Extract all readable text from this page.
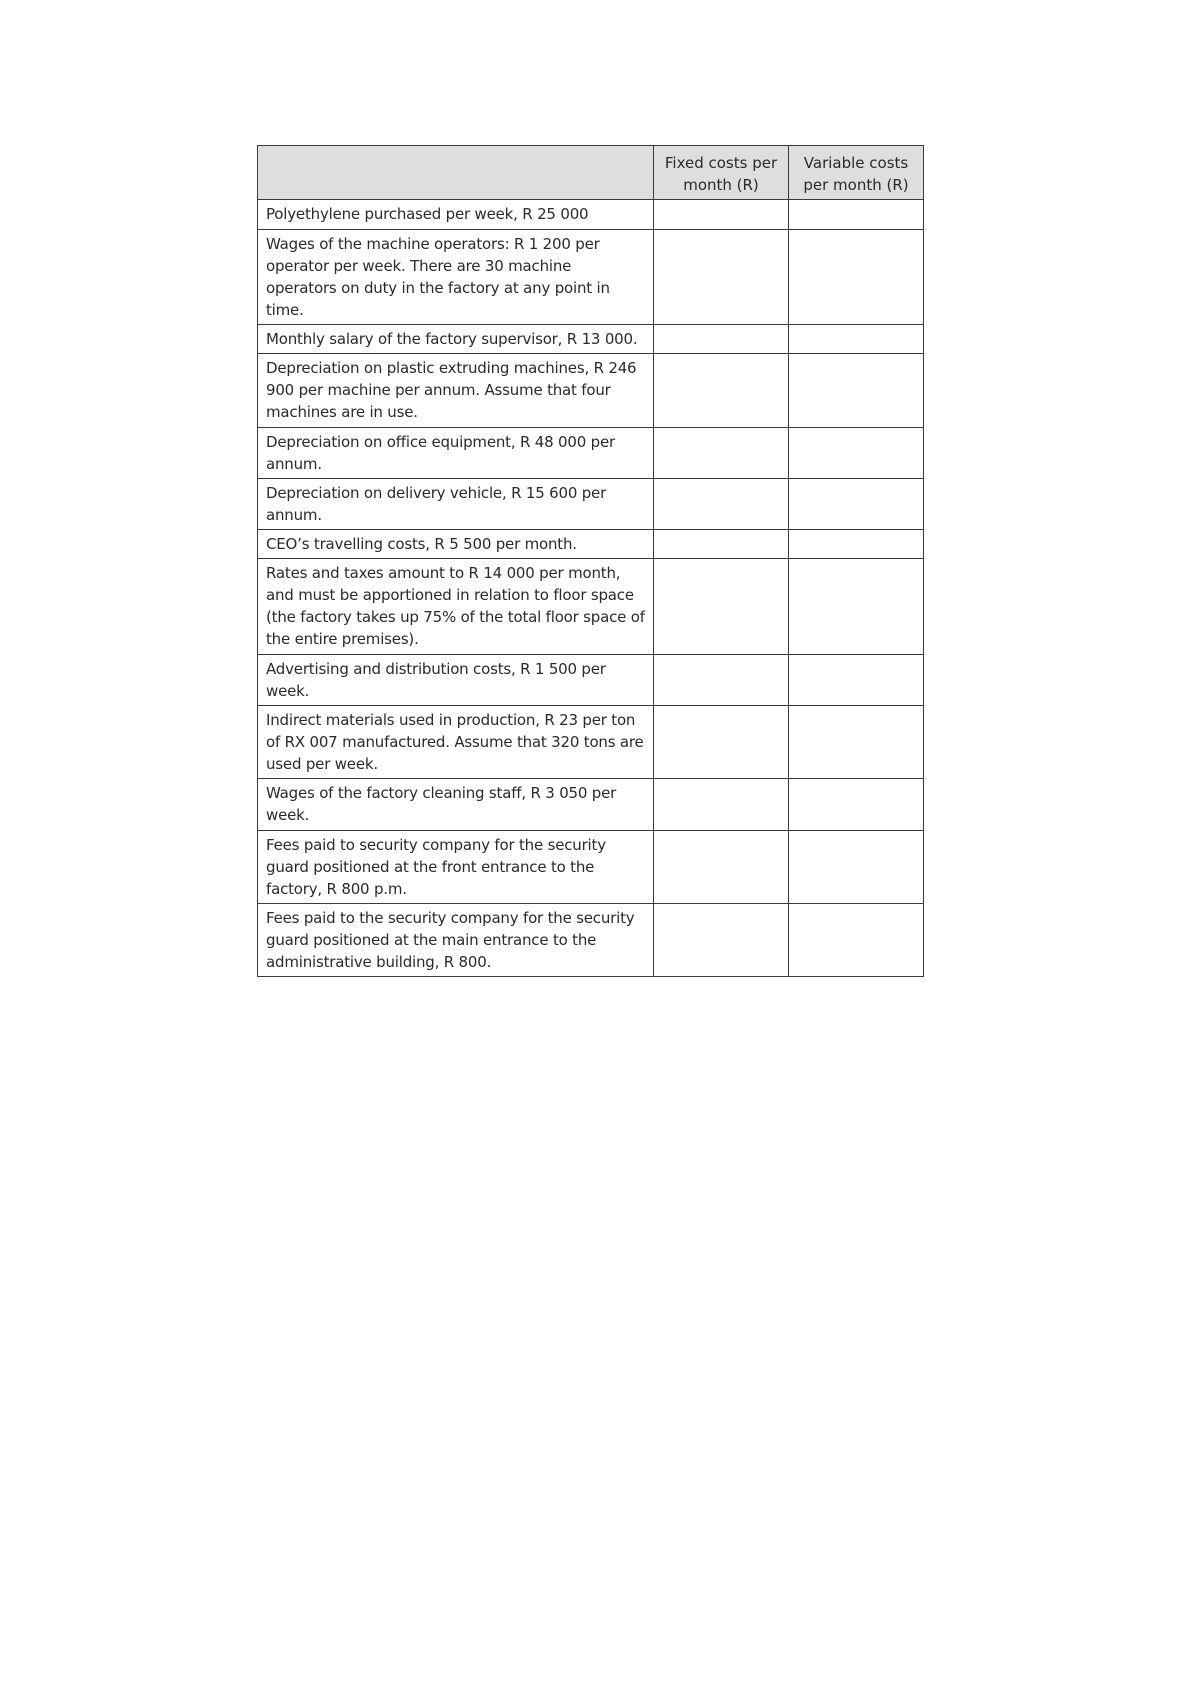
	Fixed costs per month (R)	Variable costs per month (R)
Polyethylene purchased per week, R 25 000		
Wages of the machine operators: R 1 200 per operator per week. There are 30 machine operators on duty in the factory at any point in time.		
Monthly salary of the factory supervisor, R 13 000.		
Depreciation on plastic extruding machines, R 246 900 per machine per annum. Assume that four machines are in use.		
Depreciation on office equipment, R 48 000 per annum.		
Depreciation on delivery vehicle, R 15 600 per annum.		
CEO’s travelling costs, R 5 500 per month.		
Rates and taxes amount to R 14 000 per month, and must be apportioned in relation to floor space (the factory takes up 75% of the total floor space of the entire premises).		
Advertising and distribution costs, R 1 500 per week.		
Indirect materials used in production, R 23 per ton of RX 007 manufactured. Assume that 320 tons are used per week.		
Wages of the factory cleaning staff, R 3 050 per week.		
Fees paid to security company for the security guard positioned at the front entrance to the factory, R 800 p.m.		
Fees paid to the security company for the security guard positioned at the main entrance to the administrative building, R 800.		
